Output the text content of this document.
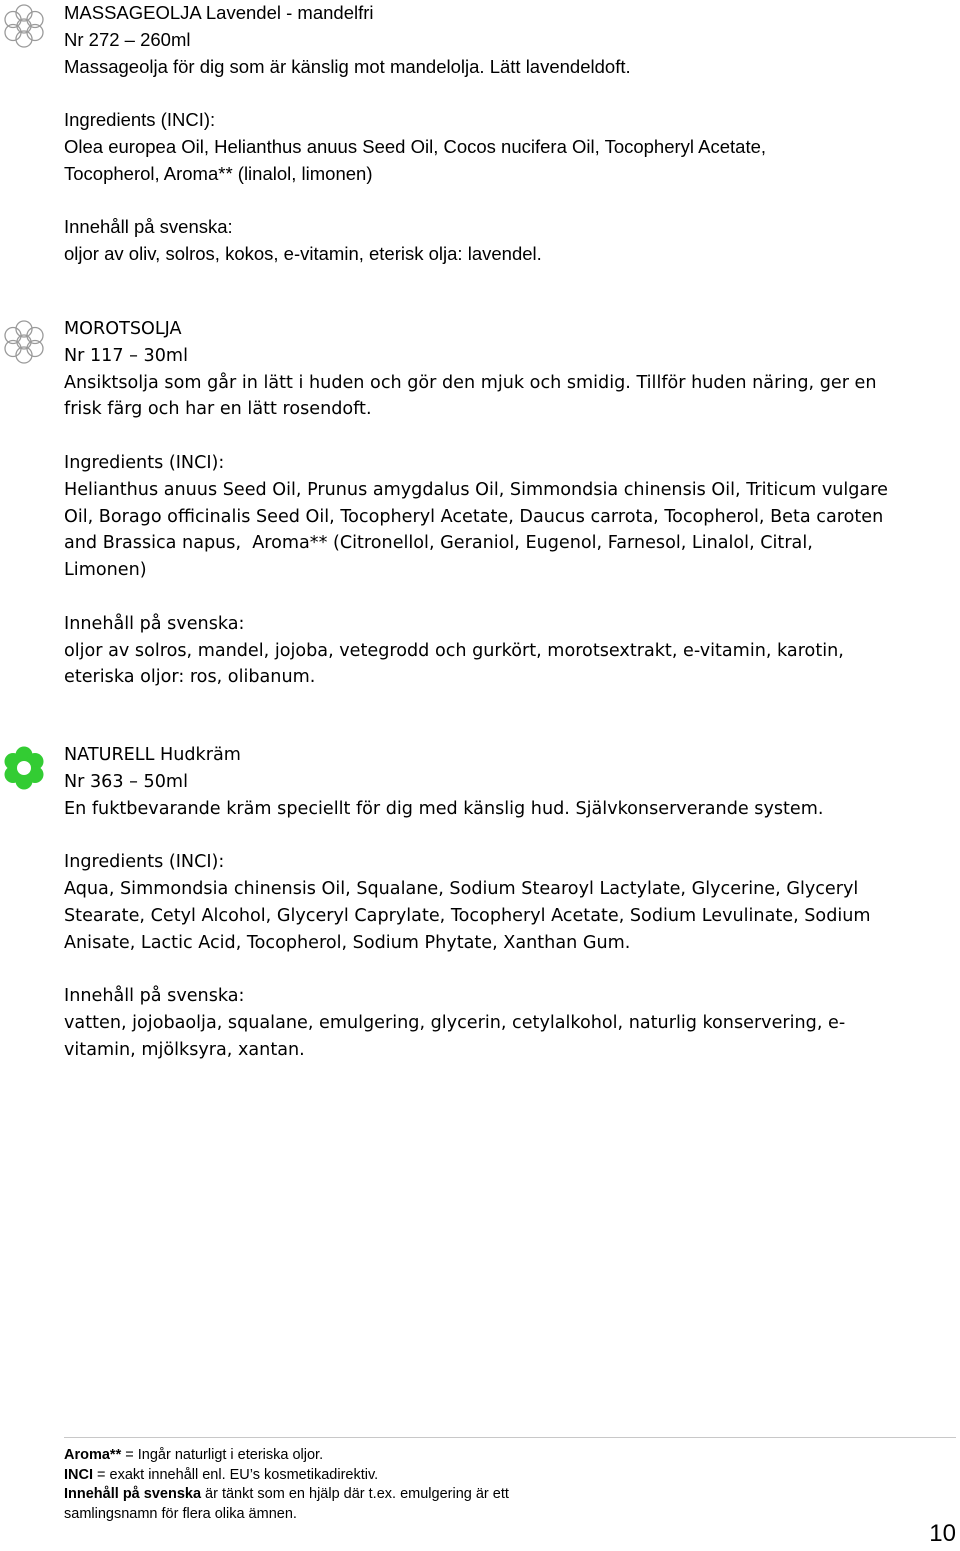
MASSAGEOLJA Lavendel - mandelfri
Nr 272 – 260ml
Massageolja för dig som är känslig mot mandelolja. Lätt lavendeldoft.
Ingredients (INCI):
Olea europea Oil, Helianthus anuus Seed Oil, Cocos nucifera Oil, Tocopheryl Acetate,
Tocopherol, Aroma** (linalol, limonen)
Innehåll på svenska:
oljor av oliv, solros, kokos, e-vitamin, eterisk olja: lavendel.
MOROTSOLJA
Nr 117 – 30ml
Ansiktsolja som går in lätt i huden och gör den mjuk och smidig. Tillför huden näring, ger en
frisk färg och har en lätt rosendoft.
Ingredients (INCI):
Helianthus anuus Seed Oil, Prunus amygdalus Oil, Simmondsia chinensis Oil, Triticum vulgare
Oil, Borago officinalis Seed Oil, Tocopheryl Acetate, Daucus carrota, Tocopherol, Beta caroten
and Brassica napus,  Aroma** (Citronellol, Geraniol, Eugenol, Farnesol, Linalol, Citral,
Limonen)
Innehåll på svenska:
oljor av solros, mandel, jojoba, vetegrodd och gurkört, morotsextrakt, e-vitamin, karotin,
eteriska oljor: ros, olibanum.
NATURELL Hudkräm
Nr 363 – 50ml
En fuktbevarande kräm speciellt för dig med känslig hud. Självkonserverande system.
Ingredients (INCI):
Aqua, Simmondsia chinensis Oil, Squalane, Sodium Stearoyl Lactylate, Glycerine, Glyceryl
Stearate, Cetyl Alcohol, Glyceryl Caprylate, Tocopheryl Acetate, Sodium Levulinate, Sodium
Anisate, Lactic Acid, Tocopherol, Sodium Phytate, Xanthan Gum.
Innehåll på svenska:
vatten, jojobaolja, squalane, emulgering, glycerin, cetylalkohol, naturlig konservering, e-
vitamin, mjölksyra, xantan.
Aroma** = Ingår naturligt i eteriska oljor.
INCI = exakt innehåll enl. EU’s kosmetikadirektiv.
Innehåll på svenska är tänkt som en hjälp där t.ex. emulgering är ett
samlingsnamn för flera olika ämnen.
10
